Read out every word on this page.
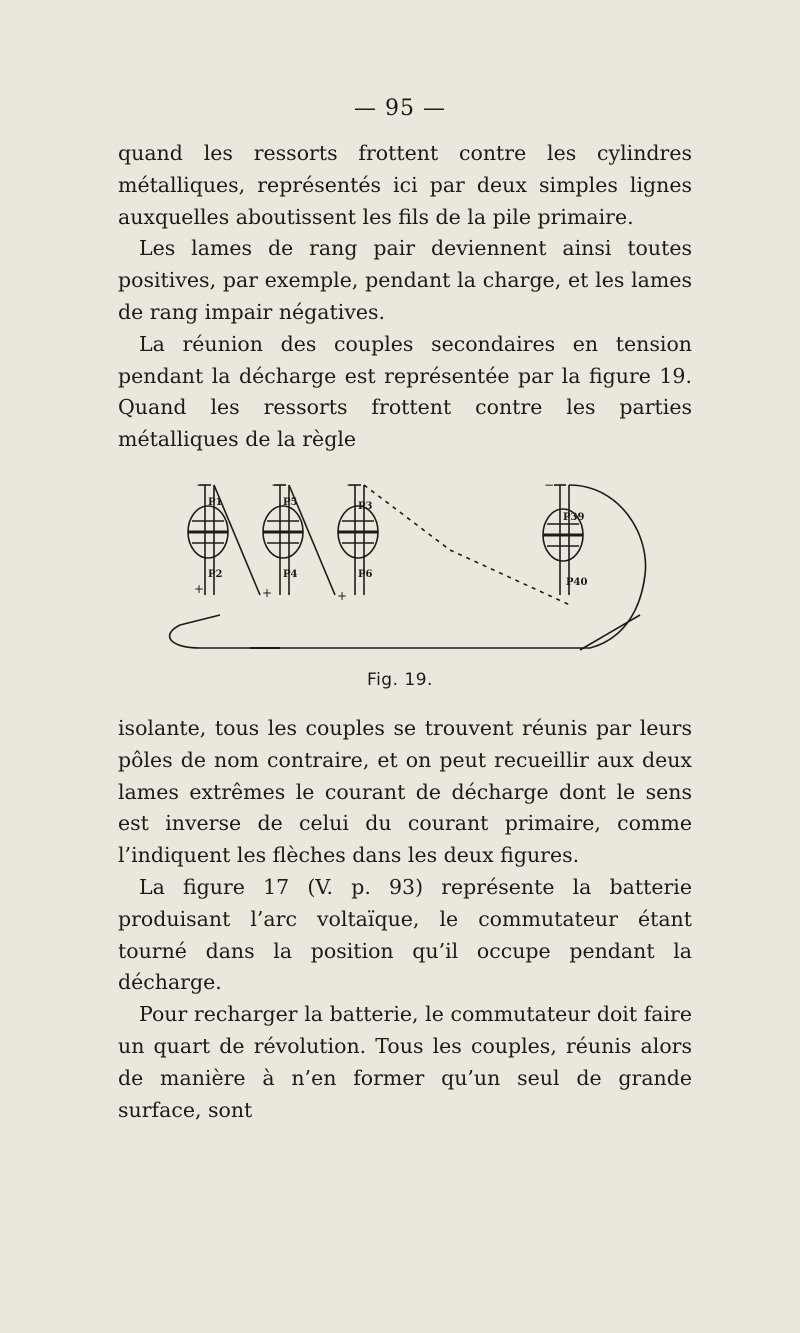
— 95 —

quand les ressorts frottent contre les cylindres métalliques, représentés ici par deux simples lignes auxquelles aboutissent les fils de la pile primaire.

Les lames de rang pair deviennent ainsi toutes positives, par exemple, pendant la charge, et les lames de rang impair négatives.

La réunion des couples secondaires en tension pendant la décharge est représentée par la figure 19. Quand les ressorts frottent contre les parties métalliques de la règle

P1
P2
P3
P4
P5
P6
P39
P40
+	+	+
−	−	−	−
Fig. 19.

isolante, tous les couples se trouvent réunis par leurs pôles de nom contraire, et on peut recueillir aux deux lames extrêmes le courant de décharge dont le sens est inverse de celui du courant primaire, comme l’indiquent les flèches dans les deux figures.

La figure 17 (V. p. 93) représente la batterie produisant l’arc voltaïque, le commutateur étant tourné dans la position qu’il occupe pendant la décharge.

Pour recharger la batterie, le commutateur doit faire un quart de révolution. Tous les couples, réunis alors de manière à n’en former qu’un seul de grande surface, sont
